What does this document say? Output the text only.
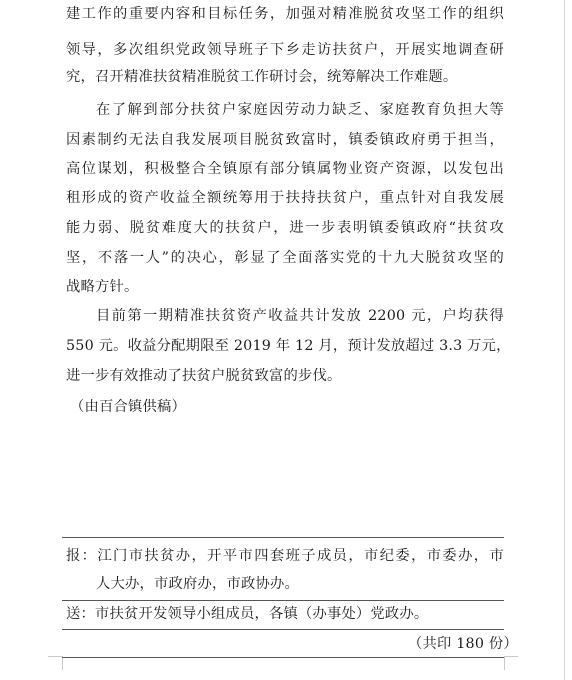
建工作的重要内容和目标任务，加强对精准脱贫攻坚工作的组织
领导，多次组织党政领导班子下乡走访扶贫户，开展实地调查研
究，召开精准扶贫精准脱贫工作研讨会，统筹解决工作难题。
在了解到部分扶贫户家庭因劳动力缺乏、家庭教育负担大等
因素制约无法自我发展项目脱贫致富时，镇委镇政府勇于担当，
高位谋划，积极整合全镇原有部分镇属物业资产资源，以发包出
租形成的资产收益全额统筹用于扶持扶贫户，重点针对自我发展
能力弱、脱贫难度大的扶贫户，进一步表明镇委镇政府“扶贫攻
坚，不落一人”的决心，彰显了全面落实党的十九大脱贫攻坚的
战略方针。
目前第一期精准扶贫资产收益共计发放 2200 元，户均获得
550 元。收益分配期限至 2019 年 12 月，预计发放超过 3.3 万元，
进一步有效推动了扶贫户脱贫致富的步伐。
（由百合镇供稿）
报：江门市扶贫办，开平市四套班子成员，市纪委，市委办，市
人大办，市政府办，市政协办。
送：市扶贫开发领导小组成员，各镇（办事处）党政办。
（共印 180 份）
